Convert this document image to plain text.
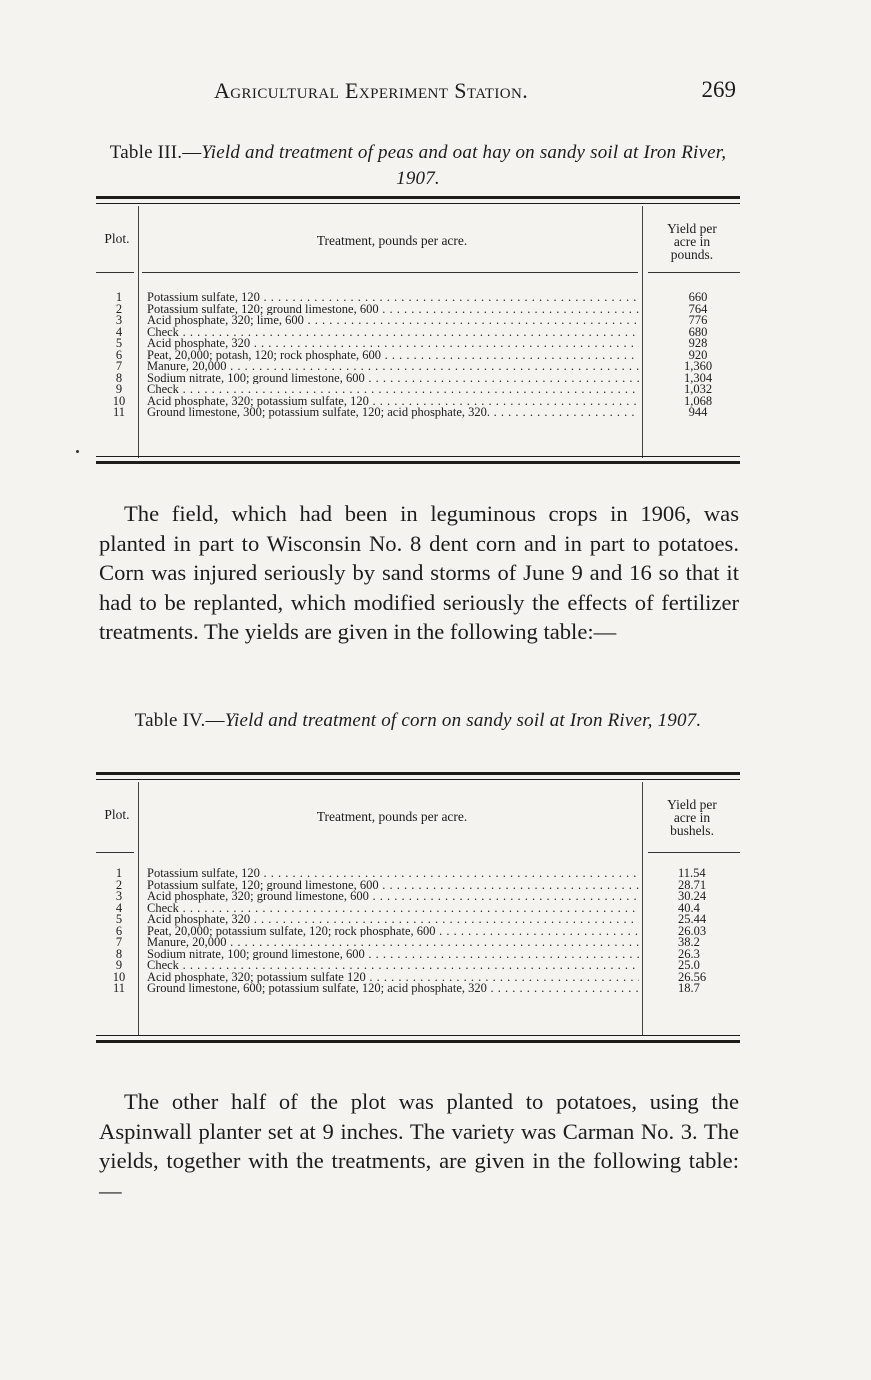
Agricultural Experiment Station.	269
Table III.—Yield and treatment of peas and oat hay on sandy soil at Iron River, 1907.
Plot.	Treatment, pounds per acre.
Yield per acre in pounds.
1	Potassium sulfate, 120 . . .	660
2	Potassium sulfate, 120; ground limestone, 600 . . .	764
3	Acid phosphate, 320; lime, 600 . . .	776
4	Check . . .	680
5	Acid phosphate, 320 . . .	928
6	Peat, 20,000; potash, 120; rock phosphate, 600 . . .	920
7	Manure, 20,000 . . .	1,360
8	Sodium nitrate, 100; ground limestone, 600 . . .	1,304
9	Check . . .	1,032
10	Acid phosphate, 320; potassium sulfate, 120 . . .	1,068
11	Ground limestone, 300; potassium sulfate, 120; acid phosphate, 320. . . .	944
The field, which had been in leguminous crops in 1906, was planted in part to Wisconsin No. 8 dent corn and in part to potatoes. Corn was injured seriously by sand storms of June 9 and 16 so that it had to be replanted, which modified seriously the effects of fertilizer treatments. The yields are given in the following table:—
Table IV.—Yield and treatment of corn on sandy soil at Iron River, 1907.
Plot.	Treatment, pounds per acre.
Yield per acre in bushels.
1	Potassium sulfate, 120 . . .	11.54
2	Potassium sulfate, 120; ground limestone, 600 . . .	28.71
3	Acid phosphate, 320; ground limestone, 600 . . .	30.24
4	Check . . .	40.4
5	Acid phosphate, 320 . . .	25.44
6	Peat, 20,000; potassium sulfate, 120; rock phosphate, 600 . . .	26.03
7	Manure, 20,000 . . .	38.2
8	Sodium nitrate, 100; ground limestone, 600 . . .	26.3
9	Check . . .	25.0
10	Acid phosphate, 320; potassium sulfate 120 . . .	26.56
11	Ground limestone, 600; potassium sulfate, 120; acid phosphate, 320 . . .	18.7
The other half of the plot was planted to potatoes, using the Aspinwall planter set at 9 inches. The variety was Carman No. 3. The yields, together with the treatments, are given in the following table:—
